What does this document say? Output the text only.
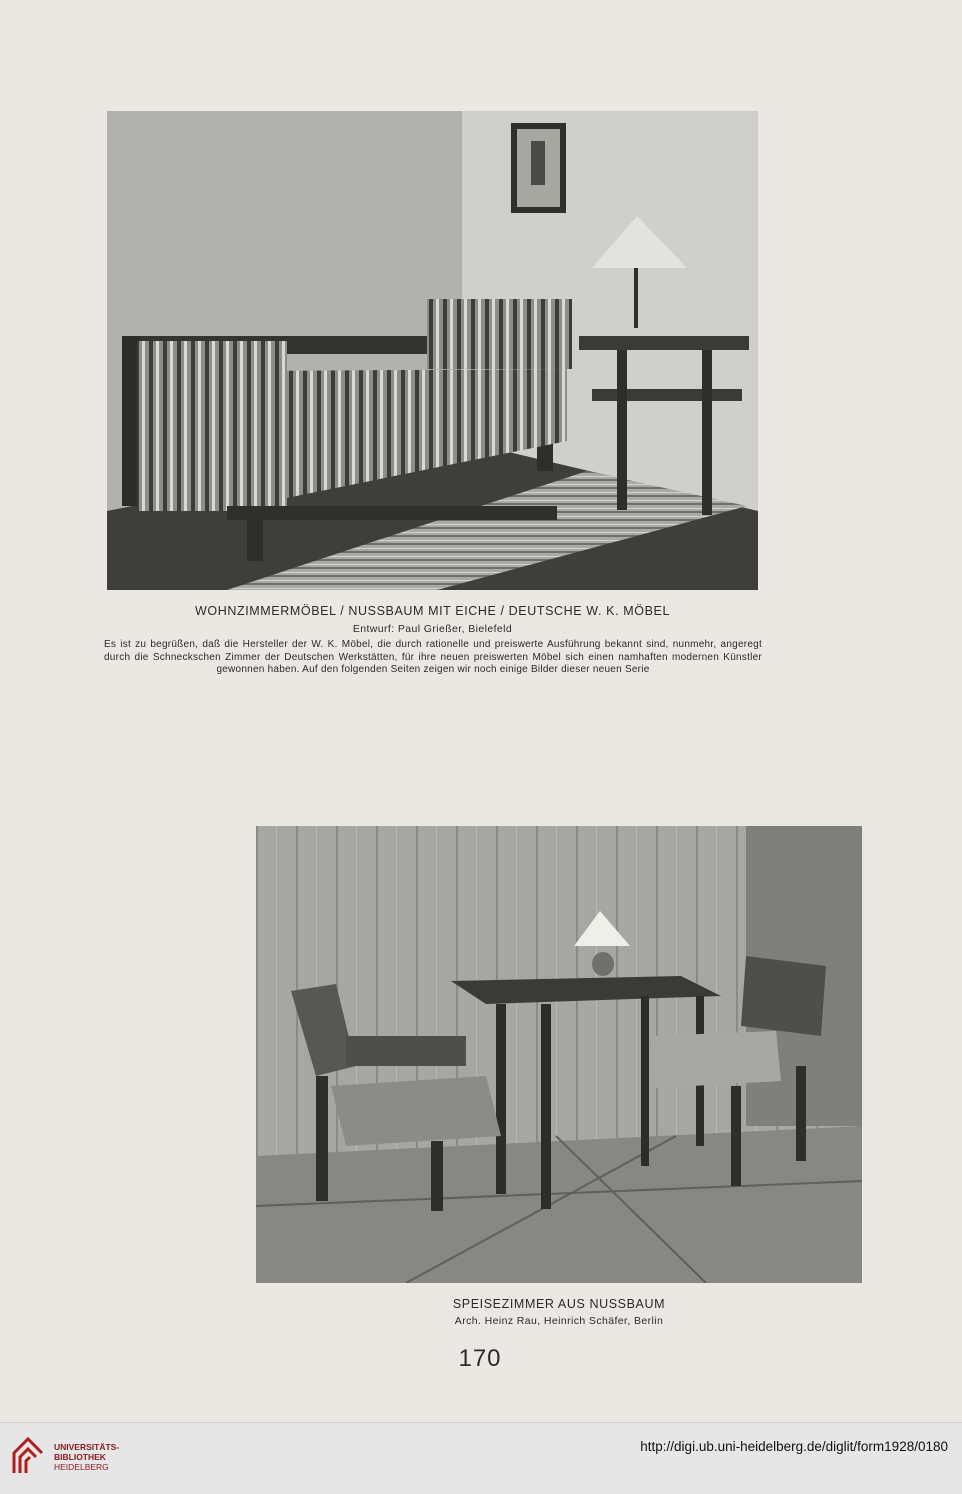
WOHNZIMMERMÖBEL / NUSSBAUM MIT EICHE / DEUTSCHE W. K. MÖBEL
Entwurf: Paul Grießer, Bielefeld
Es ist zu begrüßen, daß die Hersteller der W. K. Möbel, die durch rationelle und preiswerte Ausführung bekannt sind, nunmehr, angeregt durch die Schneckschen Zimmer der Deutschen Werkstätten, für ihre neuen preiswerten Möbel sich einen namhaften modernen Künstler gewonnen haben. Auf den folgenden Seiten zeigen wir noch einige Bilder dieser neuen Serie
SPEISEZIMMER AUS NUSSBAUM
Arch. Heinz Rau, Heinrich Schäfer, Berlin
170
UNIVERSITÄTS-
BIBLIOTHEK
HEIDELBERG
http://digi.ub.uni-heidelberg.de/diglit/form1928/0180
